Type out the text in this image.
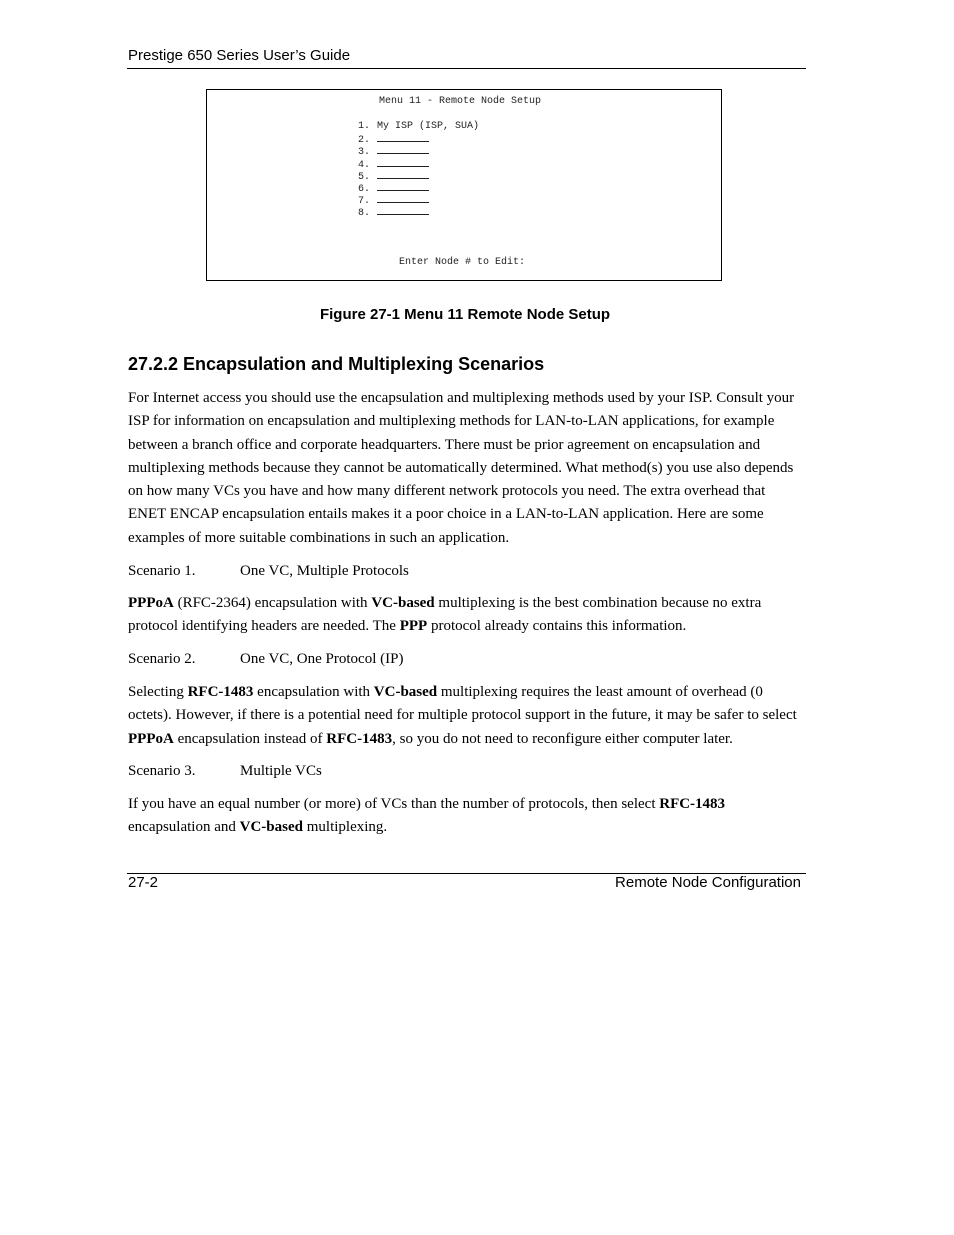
Prestige 650 Series User’s Guide
Menu 11 - Remote Node Setup
1. My ISP (ISP, SUA)
2.
3.
4.
5.
6.
7.
8.
Enter Node # to Edit:
Figure 27-1 Menu 11 Remote Node Setup
27.2.2 Encapsulation and Multiplexing Scenarios

For Internet access you should use the encapsulation and multiplexing methods used by your ISP. Consult your ISP for information on encapsulation and multiplexing methods for LAN-to-LAN applications, for example between a branch office and corporate headquarters. There must be prior agreement on encapsulation and multiplexing methods because they cannot be automatically determined. What method(s) you use also depends on how many VCs you have and how many different network protocols you need. The extra overhead that ENET ENCAP encapsulation entails makes it a poor choice in a LAN-to-LAN application. Here are some examples of more suitable combinations in such an application.

Scenario 1.	One VC, Multiple Protocols

PPPoA (RFC-2364) encapsulation with VC-based multiplexing is the best combination because no extra protocol identifying headers are needed. The PPP protocol already contains this information.

Scenario 2.	One VC, One Protocol (IP)

Selecting RFC-1483 encapsulation with VC-based multiplexing requires the least amount of overhead (0 octets). However, if there is a potential need for multiple protocol support in the future, it may be safer to select PPPoA encapsulation instead of RFC-1483, so you do not need to reconfigure either computer later.

Scenario 3.	Multiple VCs

If you have an equal number (or more) of VCs than the number of protocols, then select RFC-1483 encapsulation and VC-based multiplexing.

27-2	Remote Node Configuration
